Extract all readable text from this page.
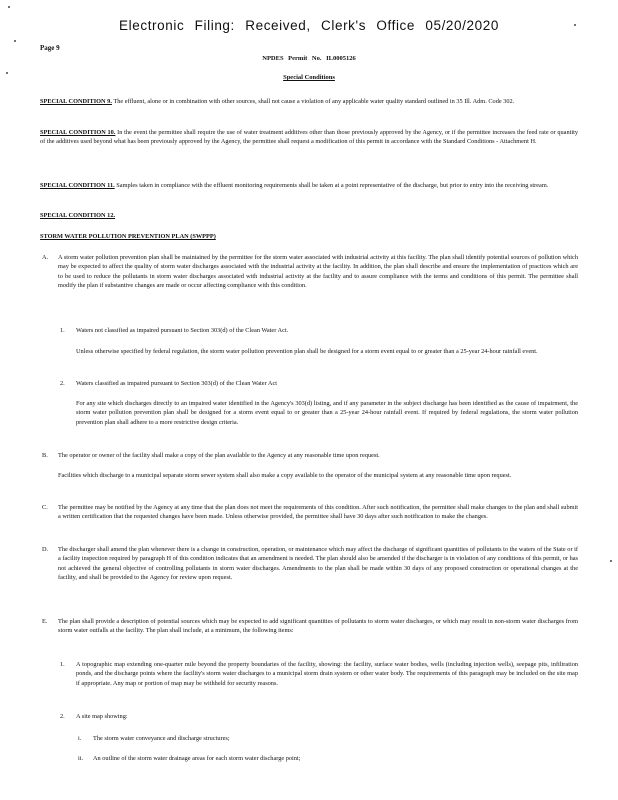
Electronic Filing: Received, Clerk's Office 05/20/2020
Page 9
NPDES Permit No. IL0005126
Special Conditions

SPECIAL CONDITION 9. The effluent, alone or in combination with other sources, shall not cause a violation of any applicable water quality standard outlined in 35 Ill. Adm. Code 302.

SPECIAL CONDITION 10. In the event the permittee shall require the use of water treatment additives other than those previously approved by the Agency, or if the permittee increases the feed rate or quantity of the additives used beyond what has been previously approved by the Agency, the permittee shall request a modification of this permit in accordance with the Standard Conditions - Attachment H.

SPECIAL CONDITION 11. Samples taken in compliance with the effluent monitoring requirements shall be taken at a point representative of the discharge, but prior to entry into the receiving stream.

SPECIAL CONDITION 12.

STORM WATER POLLUTION PREVENTION PLAN (SWPPP)

A. A storm water pollution prevention plan shall be maintained by the permittee for the storm water associated with industrial activity at this facility. The plan shall identify potential sources of pollution which may be expected to affect the quality of storm water discharges associated with the industrial activity at the facility. In addition, the plan shall describe and ensure the implementation of practices which are to be used to reduce the pollutants in storm water discharges associated with industrial activity at the facility and to assure compliance with the terms and conditions of this permit. The permittee shall modify the plan if substantive changes are made or occur affecting compliance with this condition.

1. Waters not classified as impaired pursuant to Section 303(d) of the Clean Water Act.

Unless otherwise specified by federal regulation, the storm water pollution prevention plan shall be designed for a storm event equal to or greater than a 25-year 24-hour rainfall event.

2. Waters classified as impaired pursuant to Section 303(d) of the Clean Water Act

For any site which discharges directly to an impaired water identified in the Agency's 303(d) listing, and if any parameter in the subject discharge has been identified as the cause of impairment, the storm water pollution prevention plan shall be designed for a storm event equal to or greater than a 25-year 24-hour rainfall event. If required by federal regulations, the storm water pollution prevention plan shall adhere to a more restrictive design criteria.

B. The operator or owner of the facility shall make a copy of the plan available to the Agency at any reasonable time upon request.

Facilities which discharge to a municipal separate storm sewer system shall also make a copy available to the operator of the municipal system at any reasonable time upon request.

C. The permittee may be notified by the Agency at any time that the plan does not meet the requirements of this condition. After such notification, the permittee shall make changes to the plan and shall submit a written certification that the requested changes have been made. Unless otherwise provided, the permittee shall have 30 days after such notification to make the changes.

D. The discharger shall amend the plan whenever there is a change in construction, operation, or maintenance which may affect the discharge of significant quantities of pollutants to the waters of the State or if a facility inspection required by paragraph H of this condition indicates that an amendment is needed. The plan should also be amended if the discharger is in violation of any conditions of this permit, or has not achieved the general objective of controlling pollutants in storm water discharges. Amendments to the plan shall be made within 30 days of any proposed construction or operational changes at the facility, and shall be provided to the Agency for review upon request.

E. The plan shall provide a description of potential sources which may be expected to add significant quantities of pollutants to storm water discharges, or which may result in non-storm water discharges from storm water outfalls at the facility. The plan shall include, at a minimum, the following items:

1. A topographic map extending one-quarter mile beyond the property boundaries of the facility, showing: the facility, surface water bodies, wells (including injection wells), seepage pits, infiltration ponds, and the discharge points where the facility's storm water discharges to a municipal storm drain system or other water body. The requirements of this paragraph may be included on the site map if appropriate. Any map or portion of map may be withheld for security reasons.

2. A site map showing:

i. The storm water conveyance and discharge structures;

ii. An outline of the storm water drainage areas for each storm water discharge point;
